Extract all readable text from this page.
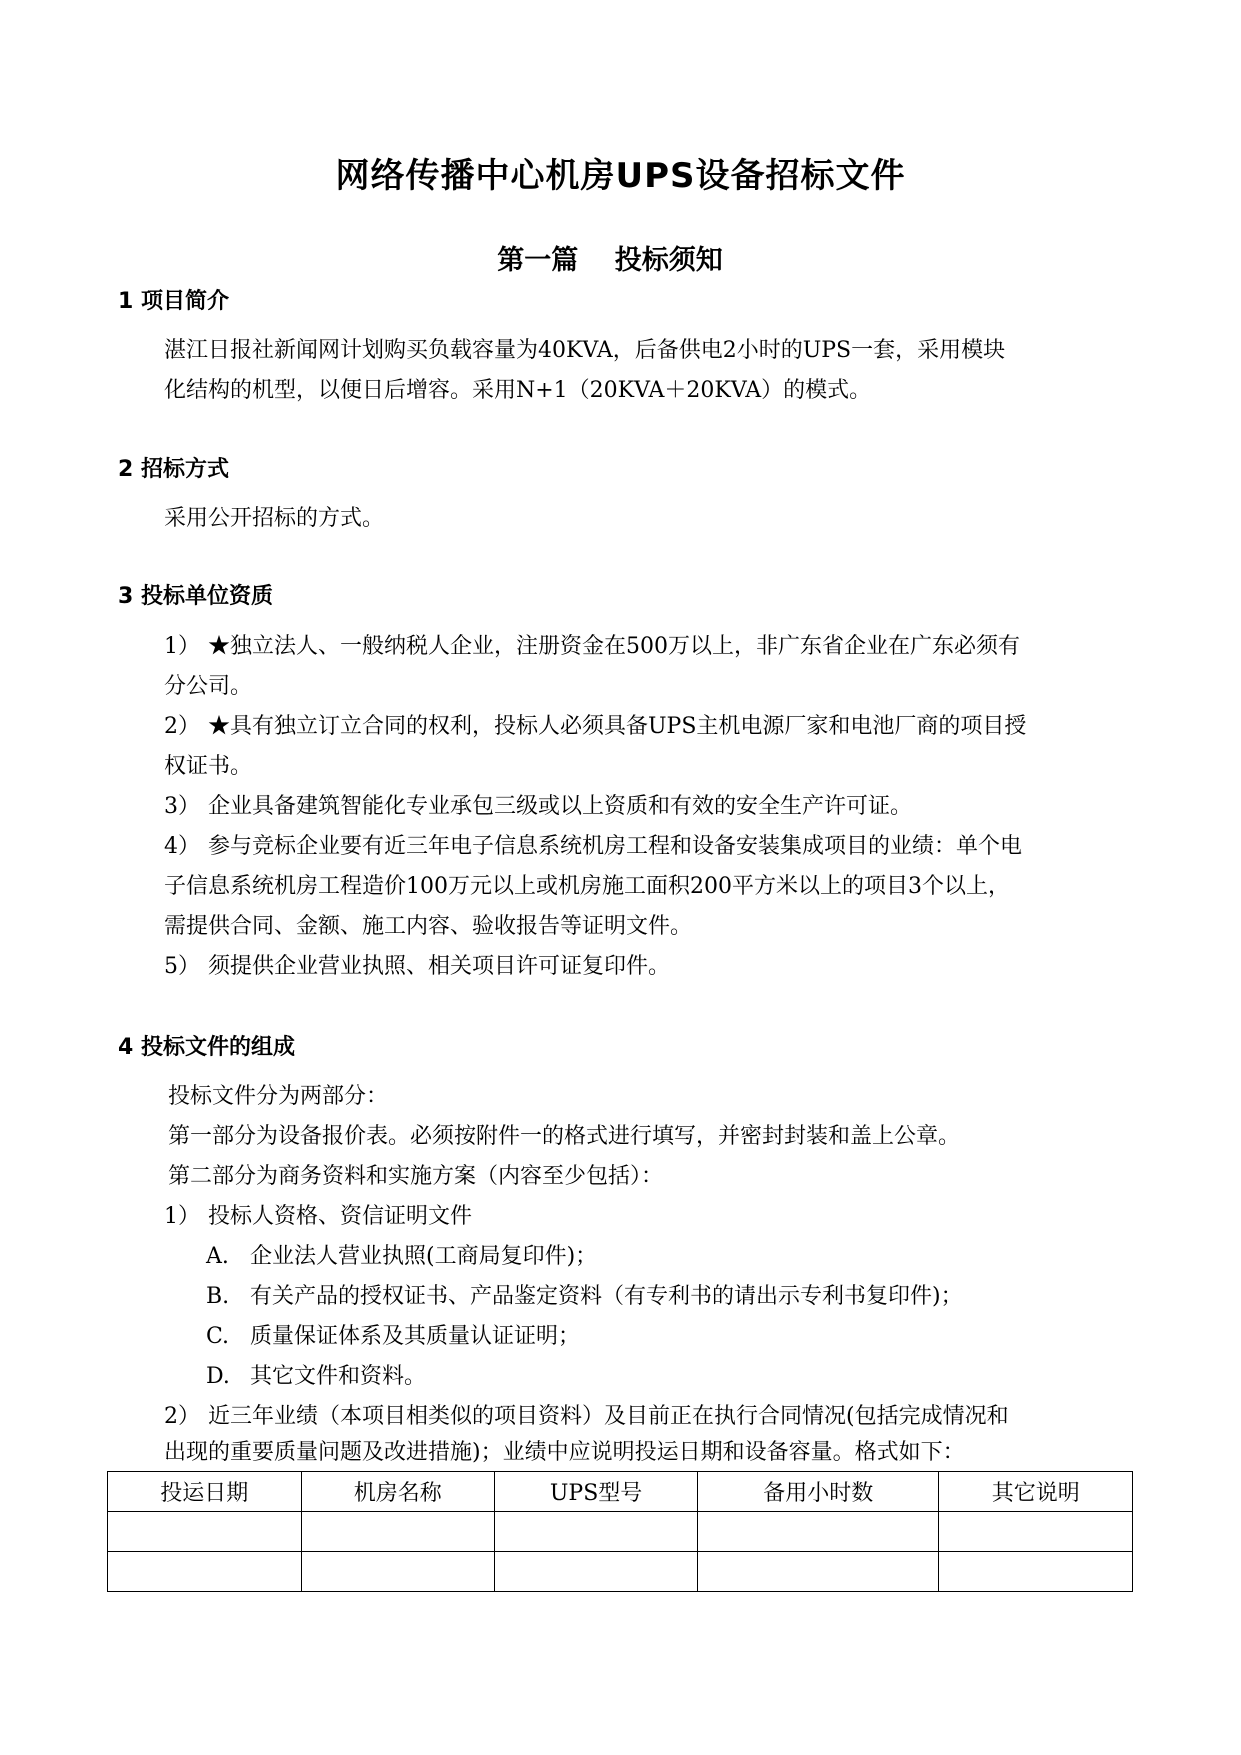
网络传播中心机房UPS设备招标文件
第一篇　 投标须知
1 项目简介
湛江日报社新闻网计划购买负载容量为40KVA，后备供电2小时的UPS一套，采用模块
化结构的机型，以便日后增容。采用N+1（20KVA＋20KVA）的模式。
2 招标方式
采用公开招标的方式。
3 投标单位资质
1） ★独立法人、一般纳税人企业，注册资金在500万以上，非广东省企业在广东必须有
分公司。
2） ★具有独立订立合同的权利，投标人必须具备UPS主机电源厂家和电池厂商的项目授
权证书。
3） 企业具备建筑智能化专业承包三级或以上资质和有效的安全生产许可证。
4） 参与竞标企业要有近三年电子信息系统机房工程和设备安装集成项目的业绩：单个电
子信息系统机房工程造价100万元以上或机房施工面积200平方米以上的项目3个以上，
需提供合同、金额、施工内容、验收报告等证明文件。
5） 须提供企业营业执照、相关项目许可证复印件。
4 投标文件的组成
投标文件分为两部分：
第一部分为设备报价表。必须按附件一的格式进行填写，并密封封装和盖上公章。
第二部分为商务资料和实施方案（内容至少包括）：
1） 投标人资格、资信证明文件
A. 企业法人营业执照(工商局复印件)；
B. 有关产品的授权证书、产品鉴定资料（有专利书的请出示专利书复印件)；
C. 质量保证体系及其质量认证证明；
D. 其它文件和资料。
2） 近三年业绩（本项目相类似的项目资料）及目前正在执行合同情况(包括完成情况和
出现的重要质量问题及改进措施)；业绩中应说明投运日期和设备容量。格式如下：
投运日期	机房名称	UPS型号	备用小时数	其它说明
